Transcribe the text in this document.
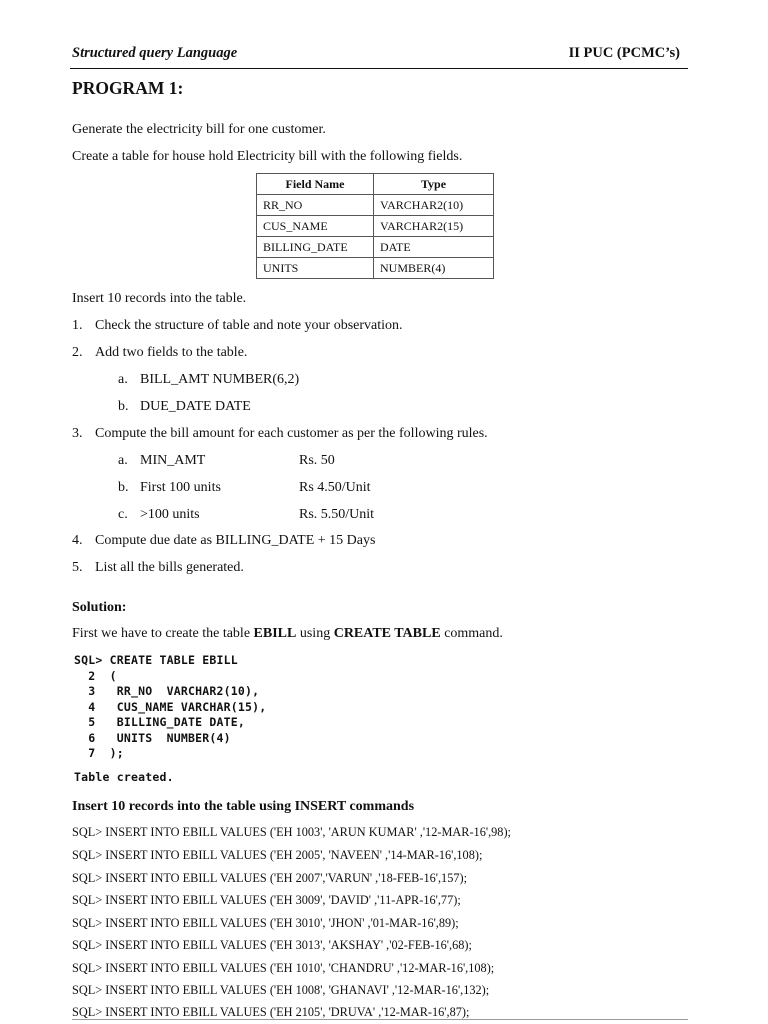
Structured query Language	II PUC (PCMC’s)
PROGRAM 1:
Generate the electricity bill for one customer.
Create a table for house hold Electricity bill with the following fields.
Field Name	Type
RR_NO	VARCHAR2(10)
CUS_NAME	VARCHAR2(15)
BILLING_DATE	DATE
UNITS	NUMBER(4)
Insert 10 records into the table.
1. Check the structure of table and note your observation.
2. Add two fields to the table.
a. BILL_AMT NUMBER(6,2)
b. DUE_DATE DATE
3. Compute the bill amount for each customer as per the following rules.
a. MIN_AMT	Rs. 50
b. First 100 units	Rs 4.50/Unit
c. >100 units	Rs. 5.50/Unit
4. Compute due date as BILLING_DATE + 15 Days
5. List all the bills generated.
Solution:
First we have to create the table EBILL using CREATE TABLE command.
SQL> CREATE TABLE EBILL
2  (
3   RR_NO  VARCHAR2(10),
4   CUS_NAME VARCHAR(15),
5   BILLING_DATE DATE,
6   UNITS  NUMBER(4)
7  );
Table created.
Insert 10 records into the table using INSERT commands
SQL> INSERT INTO EBILL VALUES ('EH 1003', 'ARUN KUMAR' ,'12-MAR-16',98);
SQL> INSERT INTO EBILL VALUES ('EH 2005', 'NAVEEN' ,'14-MAR-16',108);
SQL> INSERT INTO EBILL VALUES ('EH 2007','VARUN' ,'18-FEB-16',157);
SQL> INSERT INTO EBILL VALUES ('EH 3009', 'DAVID' ,'11-APR-16',77);
SQL> INSERT INTO EBILL VALUES ('EH 3010', 'JHON' ,'01-MAR-16',89);
SQL> INSERT INTO EBILL VALUES ('EH 3013', 'AKSHAY' ,'02-FEB-16',68);
SQL> INSERT INTO EBILL VALUES ('EH 1010', 'CHANDRU' ,'12-MAR-16',108);
SQL> INSERT INTO EBILL VALUES ('EH 1008', 'GHANAVI' ,'12-MAR-16',132);
SQL> INSERT INTO EBILL VALUES ('EH 2105', 'DRUVA' ,'12-MAR-16',87);
